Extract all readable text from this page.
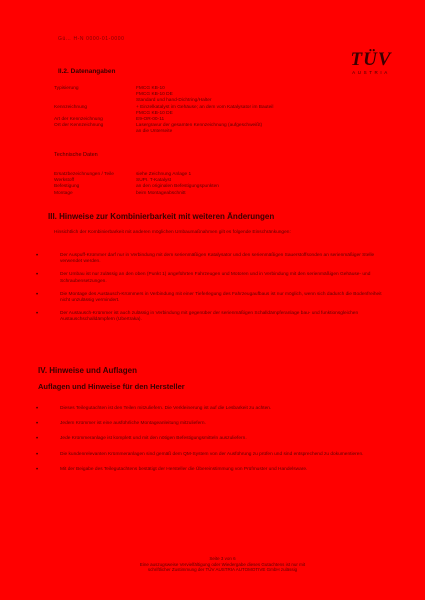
Gü… H-N 0000-01-0000
TÜV
AUSTRIA
II.2. Datenangaben
Typisierung	FMCG KB-10
FMCG KB-10 DE
Standard und hand-Dichtring/Halter
Kennzeichnung	+ Einzelkatalyst im Gehäuse; an dem vom Katalysator im Bauteil
FMCG KB-10 DE
Art der Kennzeichnung	E9-OR-00-11
Ort der Kennzeichnung	Lasergravur der gesamten Kennzeichnung (aufgeschweißt)
an die Unterseite
Technische Daten
Ersatzbezeichnungen / Teile	siehe Zeichnung Anlage 1
Werkstoff	SUPI. T-Katalyst
Befestigung	an den originalen Befestigungspunkten
Montage	beim Montageabschnitt
III. Hinweise zur Kombinierbarkeit mit weiteren Änderungen
Hinsichtlich der Kombinierbarkeit mit anderen möglichen Umbaumaßnahmen gilt es folgende Einschränkungen:
•	Der Auspuff-Krümmer darf nur in Verbindung mit dem serienmäßigen Katalysator und den serienmäßigen Sauerstoffsonden an serienmäßiger Stelle verwendet werden.
•	Der Umbau ist nur zulässig an den oben (Punkt 1) angeführten Fahrzeugen und Motoren und in Verbindung mit den serienmäßigen Gehäuse- und Schraubensetzungen.
•	Die Montage des Austausch-Krümmers in Verbindung mit einer Tieferlegung des Fahrzeugaufbaus ist nur möglich, wenn sich dadurch die Bodenfreiheit nicht unzulässig vermindert.
•	Der Austausch-Krümmer ist auch zulässig in Verbindung mit gegenüber der serienmäßigen Schalldämpferanlage bau- und funktionsgleichen Austauschschalldämpfern (Ubertraka).
IV. Hinweise und Auflagen
Auflagen und Hinweise für den Hersteller
•	Dieses Teilegutachten ist den Teilen mitzuliefern. Die Verkleinerung ist auf die Lesbarkeit zu achten.
•	Jedem Krümmer ist eine ausführliche Montageanleitung mitzuliefern.
•	Jede Krümmeranlage ist komplett und mit den nötigen Befestigungsmitteln auszuliefern.
•	Die kundenrelevanten Krümmeranlagen sind gemäß dem QM-System von der Ausführung zu prüfen und sind entsprechend zu dokumentieren.
•	Mit der Beigabe des Teilegutachtens bestätigt der Hersteller die Übereinstimmung von Prüfmuster und Handelsware.
Seite 3 von 6
Eine auszugsweise Vervielfältigung oder Wiedergabe dieses Gutachtens ist nur mit
schriftlicher Zustimmung der TÜV AUSTRIA AUTOMOTIVE GmbH zulässig
